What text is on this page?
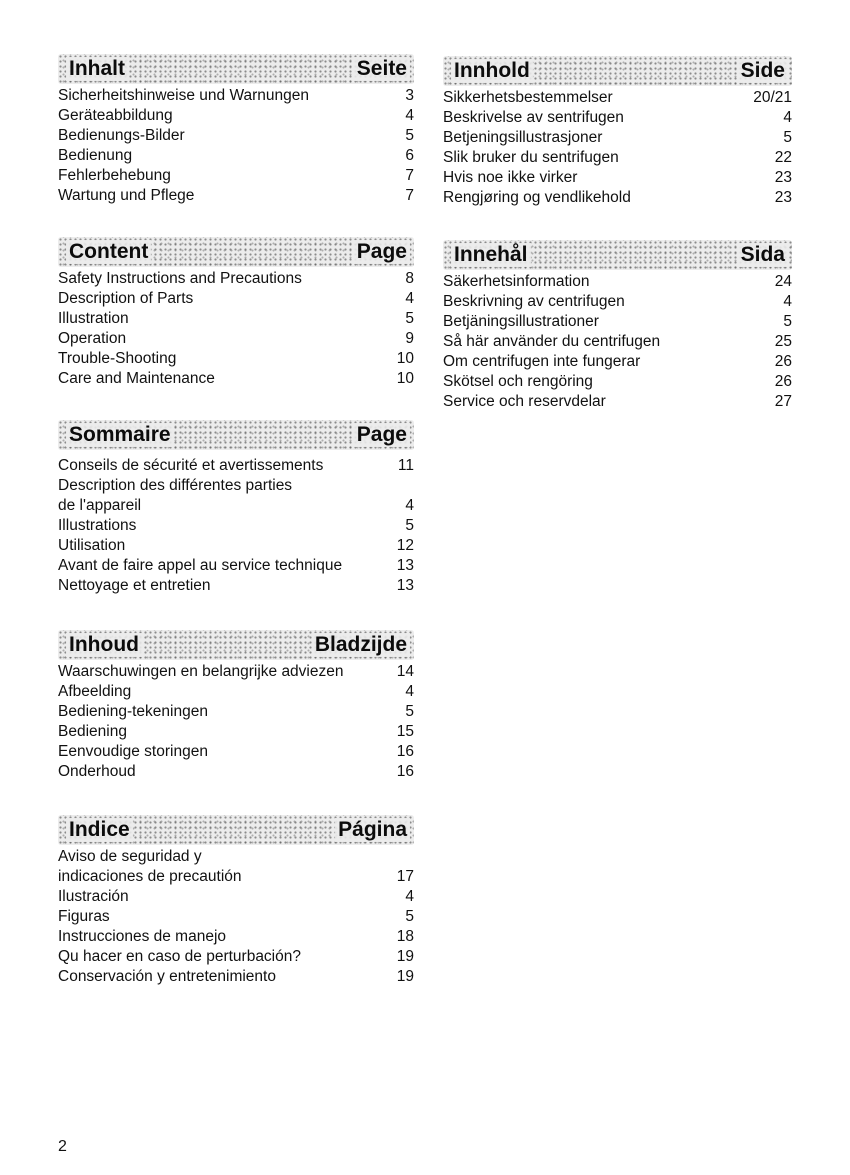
Inhalt	Seite
Sicherheitshinweise und Warnungen	3
Geräteabbildung	4
Bedienungs-Bilder	5
Bedienung	6
Fehlerbehebung	7
Wartung und Pflege	7
Content	Page
Safety Instructions and Precautions	8
Description of Parts	4
Illustration	5
Operation	9
Trouble-Shooting	10
Care and Maintenance	10
Sommaire	Page
Conseils de sécurité et avertissements	11
Description des différentes parties
de l'appareil	4
Illustrations	5
Utilisation	12
Avant de faire appel au service technique	13
Nettoyage et entretien	13
Inhoud	Bladzijde
Waarschuwingen en belangrijke adviezen	14
Afbeelding	4
Bediening-tekeningen	5
Bediening	15
Eenvoudige storingen	16
Onderhoud	16
Indice	Página
Aviso de seguridad y
indicaciones de precautión	17
Ilustración	4
Figuras	5
Instrucciones de manejo	18
Qu hacer en caso de perturbación?	19
Conservación y entretenimiento	19
Innhold	Side
Sikkerhetsbestemmelser	20/21
Beskrivelse av sentrifugen	4
Betjeningsillustrasjoner	5
Slik bruker du sentrifugen	22
Hvis noe ikke virker	23
Rengjøring og vendlikehold	23
Innehål	Sida
Säkerhetsinformation	24
Beskrivning av centrifugen	4
Betjäningsillustrationer	5
Så här använder du centrifugen	25
Om centrifugen inte fungerar	26
Skötsel och rengöring	26
Service och reservdelar	27
2
